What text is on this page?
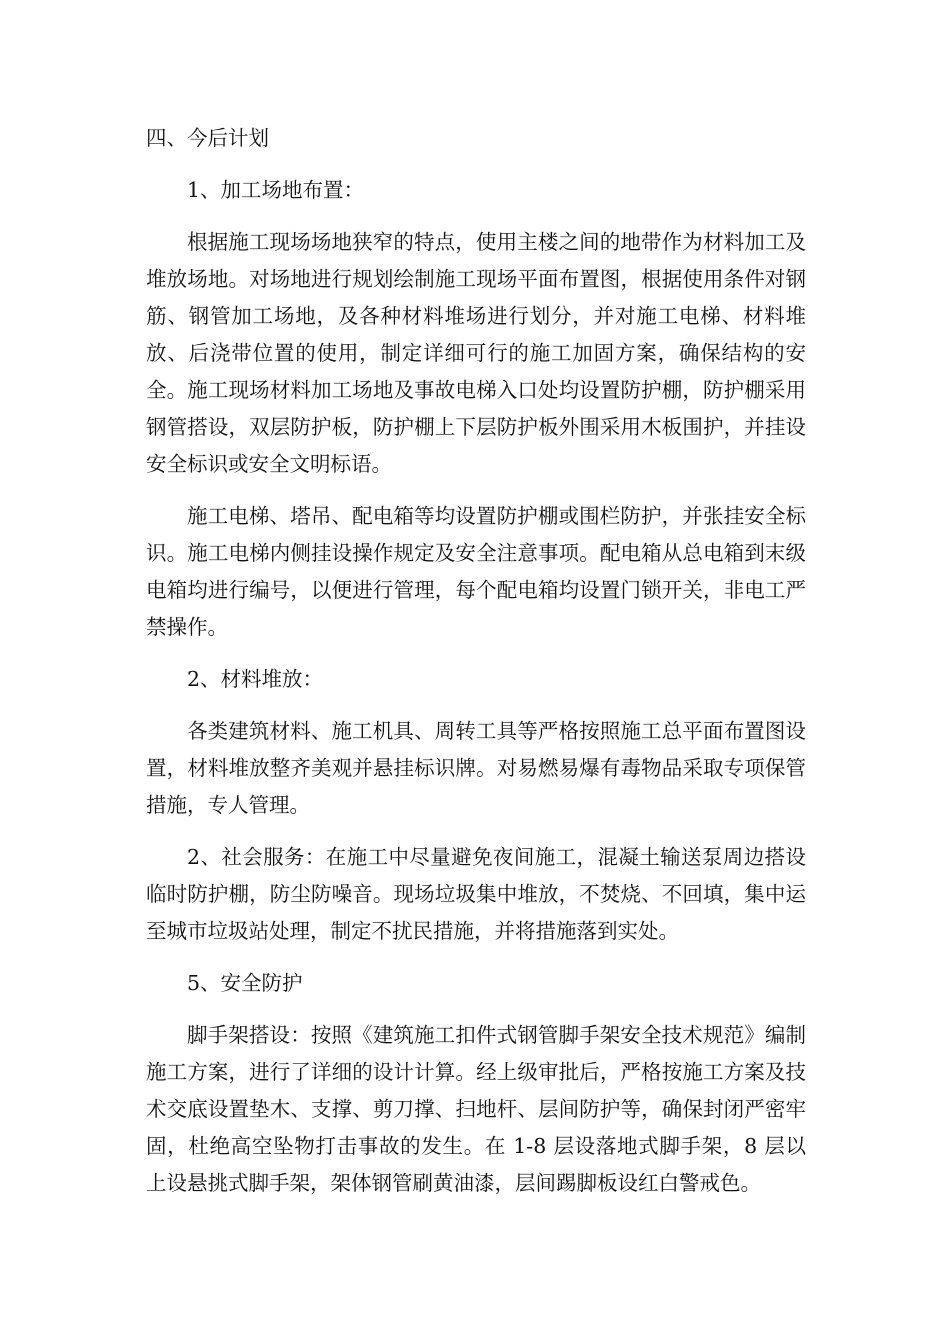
四、今后计划

1、加工场地布置：

根据施工现场场地狭窄的特点，使用主楼之间的地带作为材料加工及堆放场地。对场地进行规划绘制施工现场平面布置图，根据使用条件对钢筋、钢管加工场地，及各种材料堆场进行划分，并对施工电梯、材料堆放、后浇带位置的使用，制定详细可行的施工加固方案，确保结构的安全。施工现场材料加工场地及事故电梯入口处均设置防护棚，防护棚采用钢管搭设，双层防护板，防护棚上下层防护板外围采用木板围护，并挂设安全标识或安全文明标语。

施工电梯、塔吊、配电箱等均设置防护棚或围栏防护，并张挂安全标识。施工电梯内侧挂设操作规定及安全注意事项。配电箱从总电箱到末级电箱均进行编号，以便进行管理，每个配电箱均设置门锁开关，非电工严禁操作。

2、材料堆放：

各类建筑材料、施工机具、周转工具等严格按照施工总平面布置图设置，材料堆放整齐美观并悬挂标识牌。对易燃易爆有毒物品采取专项保管措施，专人管理。

2、社会服务：在施工中尽量避免夜间施工，混凝土输送泵周边搭设临时防护棚，防尘防噪音。现场垃圾集中堆放，不焚烧、不回填，集中运至城市垃圾站处理，制定不扰民措施，并将措施落到实处。

5、安全防护

脚手架搭设：按照《建筑施工扣件式钢管脚手架安全技术规范》编制施工方案，进行了详细的设计计算。经上级审批后，严格按施工方案及技术交底设置垫木、支撑、剪刀撑、扫地杆、层间防护等，确保封闭严密牢固，杜绝高空坠物打击事故的发生。在 1-8 层设落地式脚手架，8 层以上设悬挑式脚手架，架体钢管刷黄油漆，层间踢脚板设红白警戒色。
